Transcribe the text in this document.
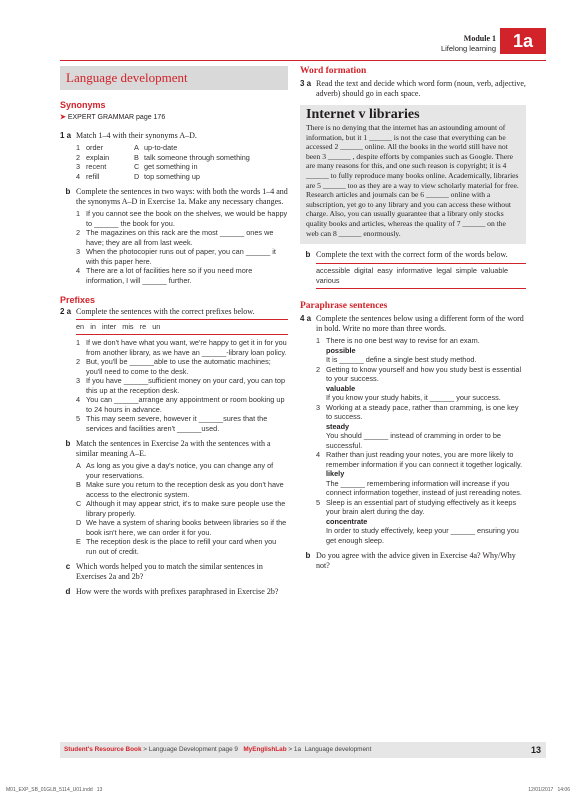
Module 1
Lifelong learning 1a
Language development
Synonyms
➤ EXPERT GRAMMAR page 176
1 a Match 1–4 with their synonyms A–D.
1 order	A up-to-date
2 explain	B talk someone through something
3 recent	C get something in
4 refill	D top something up
b Complete the sentences in two ways: with both the words 1–4 and the synonyms A–D in Exercise 1a. Make any necessary changes.
1 If you cannot see the book on the shelves, we would be happy to ______ the book for you.
2 The magazines on this rack are the most ______ ones we have; they are all from last week.
3 When the photocopier runs out of paper, you can ______ it with this paper here.
4 There are a lot of facilities here so if you need more information, I will ______ further.
Prefixes
2 a Complete the sentences with the correct prefixes below.
en   in   inter   mis   re   un
1 If we don't have what you want, we're happy to get it in for you from another library, as we have an ______-library loan policy.
2 But, you'll be ______able to use the automatic machines; you'll need to come to the desk.
3 If you have ______sufficient money on your card, you can top this up at the reception desk.
4 You can ______arrange any appointment or room booking up to 24 hours in advance.
5 This may seem severe, however it ______sures that the services and facilities aren't ______used.
b Match the sentences in Exercise 2a with the sentences with a similar meaning A–E.
A As long as you give a day's notice, you can change any of your reservations.
B Make sure you return to the reception desk as you don't have access to the electronic system.
C Although it may appear strict, it's to make sure people use the library properly.
D We have a system of sharing books between libraries so if the book isn't here, we can order it for you.
E The reception desk is the place to refill your card when you run out of credit.
c Which words helped you to match the similar sentences in Exercises 2a and 2b?
d How were the words with prefixes paraphrased in Exercise 2b?
Word formation
3 a Read the text and decide which word form (noun, verb, adjective, adverb) should go in each space.
Internet v libraries

There is no denying that the internet has an astounding amount of information, but it 1 ______ is not the case that everything can be accessed 2 ______ online. All the books in the world still have not been 3 ______ , despite efforts by companies such as Google. There are many reasons for this, and one such reason is copyright; it is 4 ______ to fully reproduce many books online. Academically, libraries are 5 ______ too as they are a way to view scholarly material for free. Research articles and journals can be 6 ______ online with a subscription, yet go to any library and you can access these without charge. Also, you can usually guarantee that a library only stocks quality books and articles, whereas the quality of 7 ______ on the web can 8 ______ enormously.

b Complete the text with the correct form of the words below.
accessible digital easy informative legal simple valuable various
Paraphrase sentences
4 a Complete the sentences below using a different form of the word in bold. Write no more than three words.
1 There is no one best way to revise for an exam.
possible
It is ______ define a single best study method.
2 Getting to know yourself and how you study best is essential to your success.
valuable
If you know your study habits, it ______ your success.
3 Working at a steady pace, rather than cramming, is one key to success.
steady
You should ______ instead of cramming in order to be successful.
4 Rather than just reading your notes, you are more likely to remember information if you can connect it together logically.
likely
The ______ remembering information will increase if you connect information together, instead of just rereading notes.
5 Sleep is an essential part of studying effectively as it keeps your brain alert during the day.
concentrate
In order to study effectively, keep your ______ ensuring you get enough sleep.
b Do you agree with the advice given in Exercise 4a? Why/Why not?
Student's Resource Book > Language Development page 9   MyEnglishLab > 1a  Language development	13
M01_EXP_SB_01GLB_5114_U01.indd   13	12/01/2017   14:06
